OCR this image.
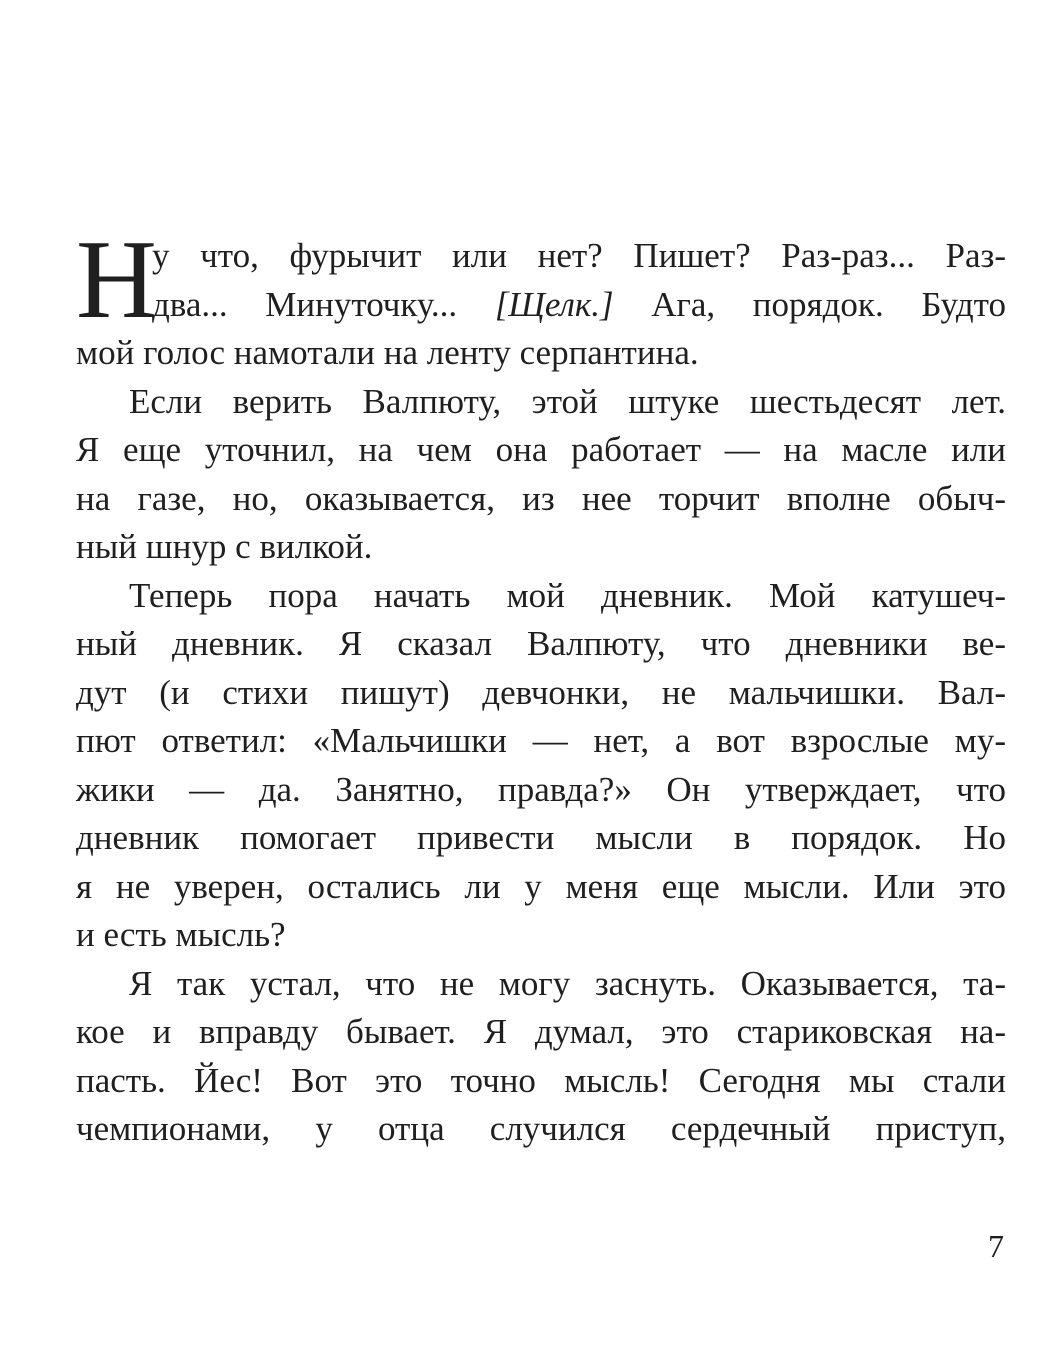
Н
у что, фурычит или нет? Пишет? Раз-раз... Раз-
два... Минуточку... [Щелк.] Ага, порядок. Будто
мой голос намотали на ленту серпантина.
Если верить Валпюту, этой штуке шестьдесят лет.
Я еще уточнил, на чем она работает — на масле или
на газе, но, оказывается, из нее торчит вполне обыч-
ный шнур с вилкой.
Теперь пора начать мой дневник. Мой катушеч-
ный дневник. Я сказал Валпюту, что дневники ве-
дут (и стихи пишут) девчонки, не мальчишки. Вал-
пют ответил: «Мальчишки — нет, а вот взрослые му-
жики — да. Занятно, правда?» Он утверждает, что
дневник помогает привести мысли в порядок. Но
я не уверен, остались ли у меня еще мысли. Или это
и есть мысль?
Я так устал, что не могу заснуть. Оказывается, та-
кое и вправду бывает. Я думал, это стариковская на-
пасть. Йес! Вот это точно мысль! Сегодня мы стали
чемпионами, у отца случился сердечный приступ,
7
